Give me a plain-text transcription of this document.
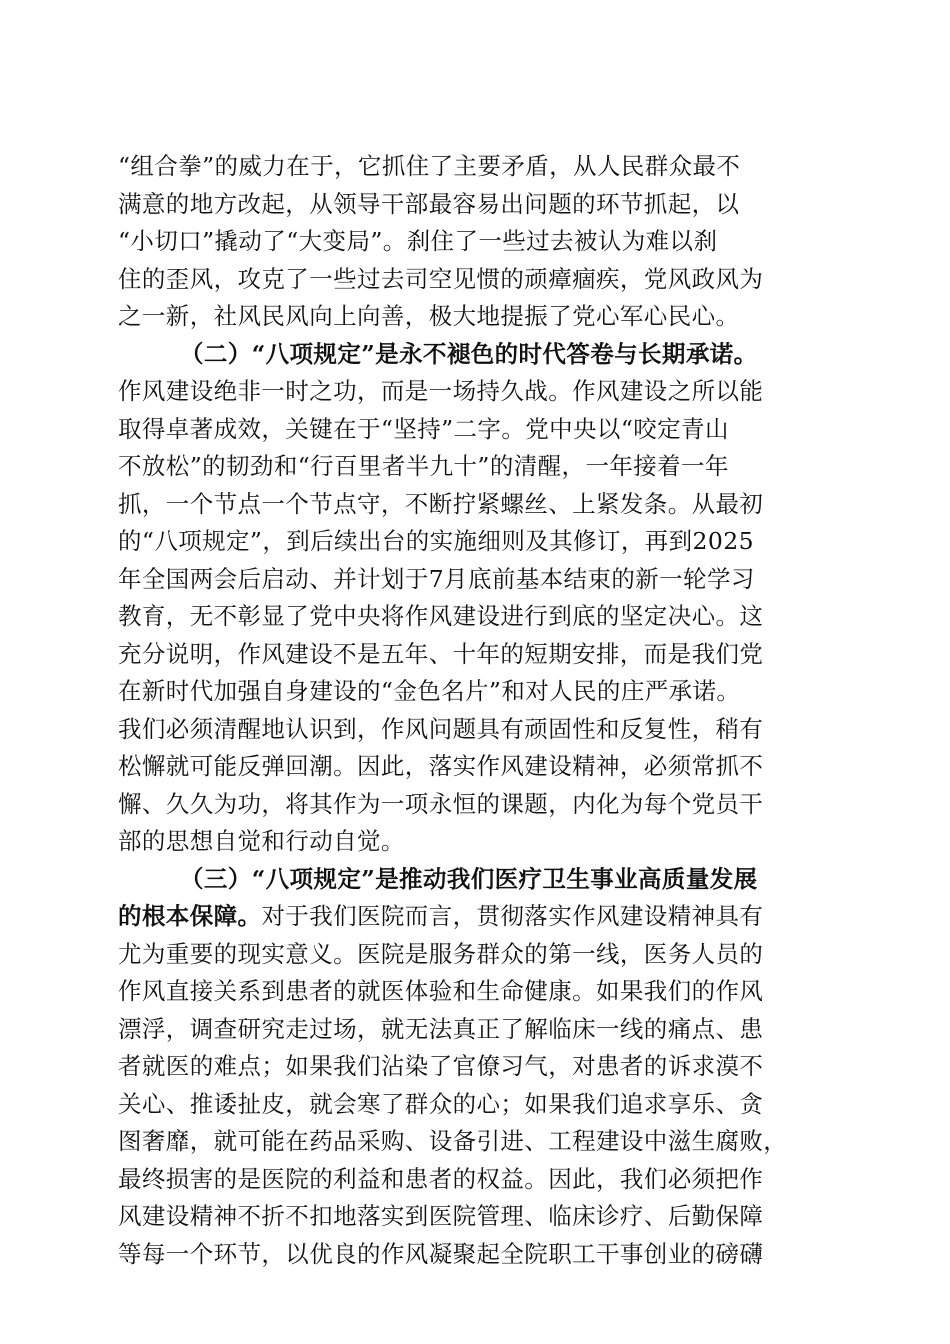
“组合拳”的威力在于，它抓住了主要矛盾，从人民群众最不
满意的地方改起，从领导干部最容易出问题的环节抓起，以
“小切口”撬动了“大变局”。刹住了一些过去被认为难以刹
住的歪风，攻克了一些过去司空见惯的顽瘴痼疾，党风政风为
之一新，社风民风向上向善，极大地提振了党心军心民心。
（二）“八项规定”是永不褪色的时代答卷与长期承诺。
作风建设绝非一时之功，而是一场持久战。作风建设之所以能
取得卓著成效，关键在于“坚持”二字。党中央以“咬定青山
不放松”的韧劲和“行百里者半九十”的清醒，一年接着一年
抓，一个节点一个节点守，不断拧紧螺丝、上紧发条。从最初
的“八项规定”，到后续出台的实施细则及其修订，再到2025
年全国两会后启动、并计划于7月底前基本结束的新一轮学习
教育，无不彰显了党中央将作风建设进行到底的坚定决心。这
充分说明，作风建设不是五年、十年的短期安排，而是我们党
在新时代加强自身建设的“金色名片”和对人民的庄严承诺。
我们必须清醒地认识到，作风问题具有顽固性和反复性，稍有
松懈就可能反弹回潮。因此，落实作风建设精神，必须常抓不
懈、久久为功，将其作为一项永恒的课题，内化为每个党员干
部的思想自觉和行动自觉。
（三）“八项规定”是推动我们医疗卫生事业高质量发展
的根本保障。对于我们医院而言，贯彻落实作风建设精神具有
尤为重要的现实意义。医院是服务群众的第一线，医务人员的
作风直接关系到患者的就医体验和生命健康。如果我们的作风
漂浮，调查研究走过场，就无法真正了解临床一线的痛点、患
者就医的难点；如果我们沾染了官僚习气，对患者的诉求漠不
关心、推诿扯皮，就会寒了群众的心；如果我们追求享乐、贪
图奢靡，就可能在药品采购、设备引进、工程建设中滋生腐败，
最终损害的是医院的利益和患者的权益。因此，我们必须把作
风建设精神不折不扣地落实到医院管理、临床诊疗、后勤保障
等每一个环节，以优良的作风凝聚起全院职工干事创业的磅礴
